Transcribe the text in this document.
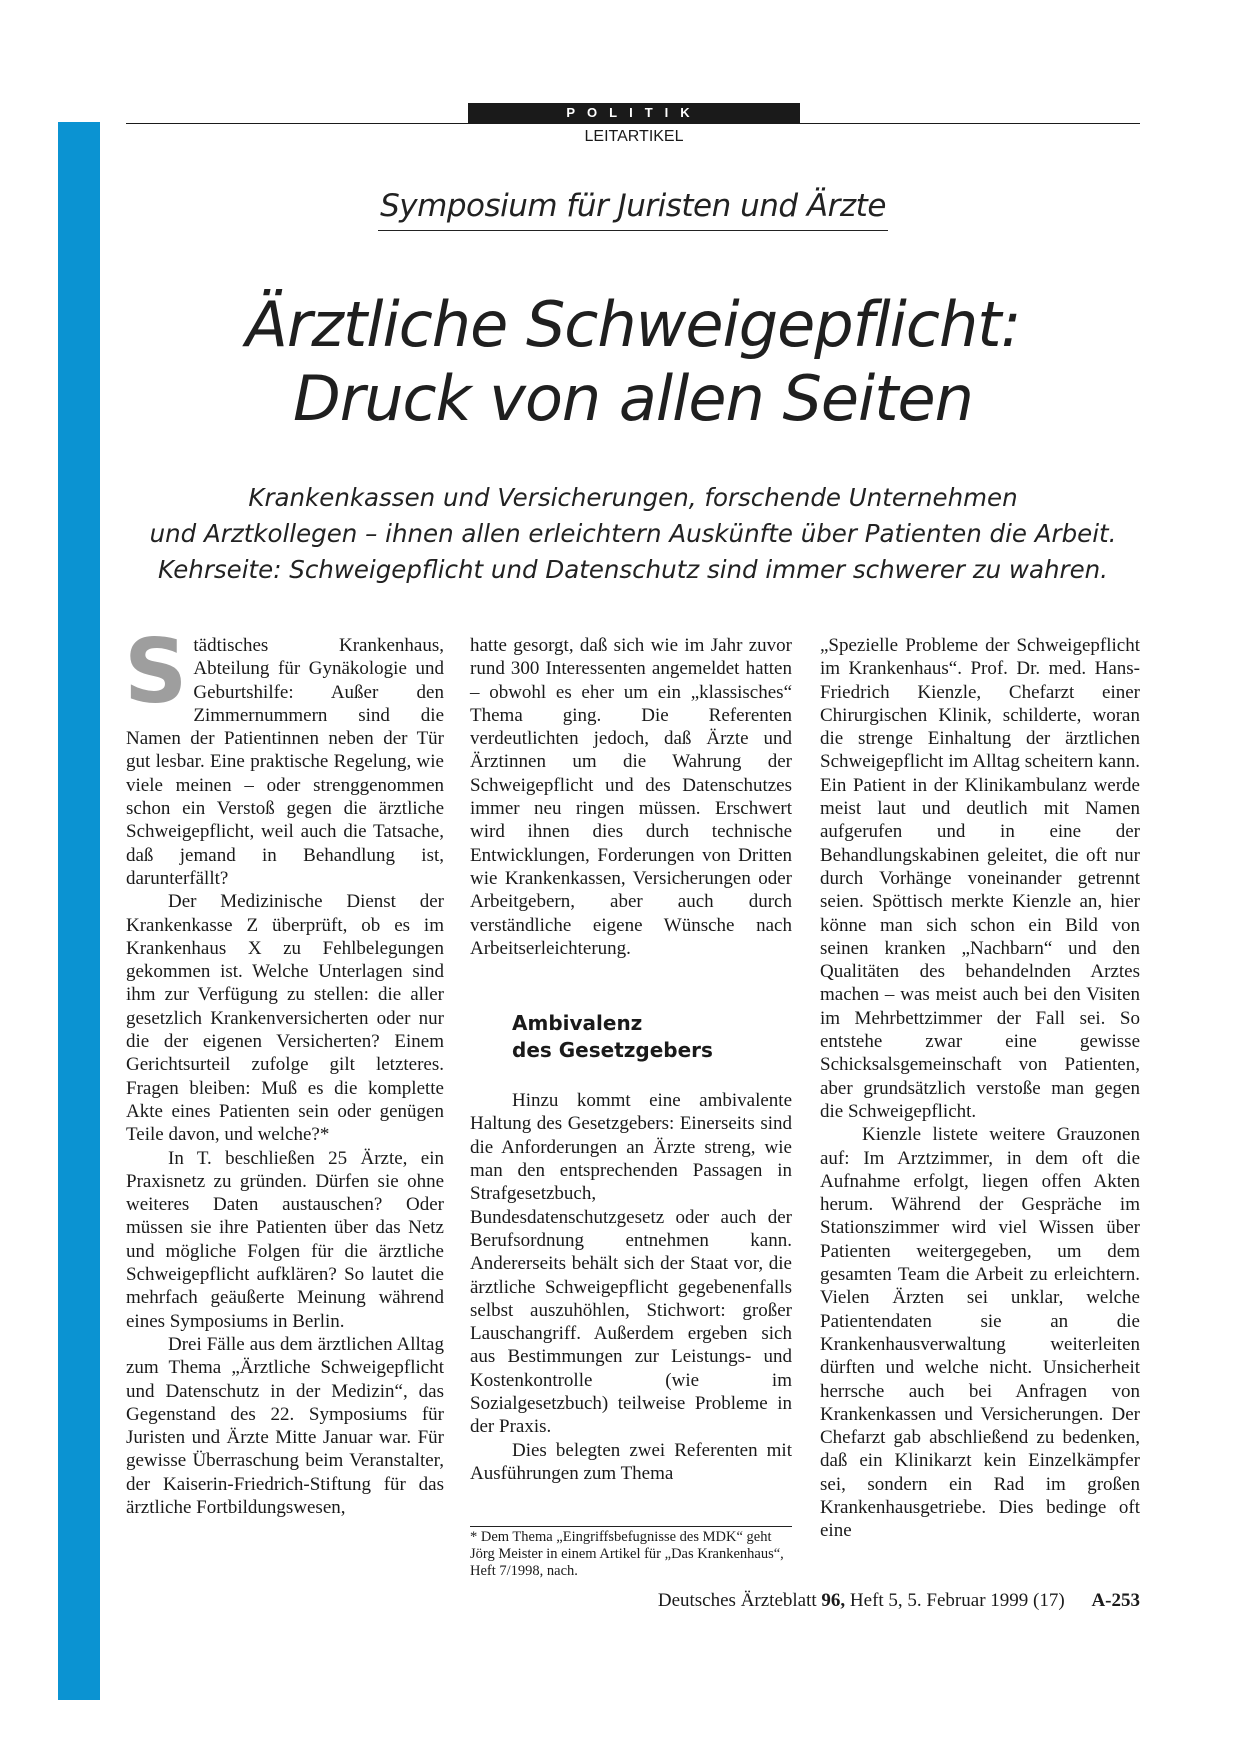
POLITIK
LEITARTIKEL
Symposium für Juristen und Ärzte
Ärztliche Schweigepflicht:
Druck von allen Seiten
Krankenkassen und Versicherungen, forschende Unternehmen
und Arztkollegen – ihnen allen erleichtern Auskünfte über Patienten die Arbeit.
Kehrseite: Schweigepflicht und Datenschutz sind immer schwerer zu wahren.
S tädtisches Krankenhaus, Abteilung für Gynäkologie und Geburtshilfe: Außer den Zimmernummern sind die Namen der Patientinnen neben der Tür gut lesbar. Eine praktische Regelung, wie viele meinen – oder strenggenommen schon ein Verstoß gegen die ärztliche Schweigepflicht, weil auch die Tatsache, daß jemand in Behandlung ist, darunterfällt?

Der Medizinische Dienst der Krankenkasse Z überprüft, ob es im Krankenhaus X zu Fehlbelegungen gekommen ist. Welche Unterlagen sind ihm zur Verfügung zu stellen: die aller gesetzlich Krankenversicherten oder nur die der eigenen Versicherten? Einem Gerichtsurteil zufolge gilt letzteres. Fragen bleiben: Muß es die komplette Akte eines Patienten sein oder genügen Teile davon, und welche?*

In T. beschließen 25 Ärzte, ein Praxisnetz zu gründen. Dürfen sie ohne weiteres Daten austauschen? Oder müssen sie ihre Patienten über das Netz und mögliche Folgen für die ärztliche Schweigepflicht aufklären? So lautet die mehrfach geäußerte Meinung während eines Symposiums in Berlin.

Drei Fälle aus dem ärztlichen Alltag zum Thema „Ärztliche Schweigepflicht und Datenschutz in der Medizin“, das Gegenstand des 22. Symposiums für Juristen und Ärzte Mitte Januar war. Für gewisse Überraschung beim Veranstalter, der Kaiserin-Friedrich-Stiftung für das ärztliche Fortbildungswesen,

hatte gesorgt, daß sich wie im Jahr zuvor rund 300 Interessenten angemeldet hatten – obwohl es eher um ein „klassisches“ Thema ging. Die Referenten verdeutlichten jedoch, daß Ärzte und Ärztinnen um die Wahrung der Schweigepflicht und des Datenschutzes immer neu ringen müssen. Erschwert wird ihnen dies durch technische Entwicklungen, Forderungen von Dritten wie Krankenkassen, Versicherungen oder Arbeitgebern, aber auch durch verständliche eigene Wünsche nach Arbeitserleichterung.

Ambivalenz
des Gesetzgebers

Hinzu kommt eine ambivalente Haltung des Gesetzgebers: Einerseits sind die Anforderungen an Ärzte streng, wie man den entsprechenden Passagen in Strafgesetzbuch, Bundesdatenschutzgesetz oder auch der Berufsordnung entnehmen kann. Andererseits behält sich der Staat vor, die ärztliche Schweigepflicht gegebenenfalls selbst auszuhöhlen, Stichwort: großer Lauschangriff. Außerdem ergeben sich aus Bestimmungen zur Leistungs- und Kostenkontrolle (wie im Sozialgesetzbuch) teilweise Probleme in der Praxis.

Dies belegten zwei Referenten mit Ausführungen zum Thema

* Dem Thema „Eingriffsbefugnisse des MDK“ geht Jörg Meister in einem Artikel für „Das Krankenhaus“, Heft 7/1998, nach.

„Spezielle Probleme der Schweigepflicht im Krankenhaus“. Prof. Dr. med. Hans-Friedrich Kienzle, Chefarzt einer Chirurgischen Klinik, schilderte, woran die strenge Einhaltung der ärztlichen Schweigepflicht im Alltag scheitern kann. Ein Patient in der Klinikambulanz werde meist laut und deutlich mit Namen aufgerufen und in eine der Behandlungskabinen geleitet, die oft nur durch Vorhänge voneinander getrennt seien. Spöttisch merkte Kienzle an, hier könne man sich schon ein Bild von seinen kranken „Nachbarn“ und den Qualitäten des behandelnden Arztes machen – was meist auch bei den Visiten im Mehrbettzimmer der Fall sei. So entstehe zwar eine gewisse Schicksalsgemeinschaft von Patienten, aber grundsätzlich verstoße man gegen die Schweigepflicht.

Kienzle listete weitere Grauzonen auf: Im Arztzimmer, in dem oft die Aufnahme erfolgt, liegen offen Akten herum. Während der Gespräche im Stationszimmer wird viel Wissen über Patienten weitergegeben, um dem gesamten Team die Arbeit zu erleichtern. Vielen Ärzten sei unklar, welche Patientendaten sie an die Krankenhausverwaltung weiterleiten dürften und welche nicht. Unsicherheit herrsche auch bei Anfragen von Krankenkassen und Versicherungen. Der Chefarzt gab abschließend zu bedenken, daß ein Klinikarzt kein Einzelkämpfer sei, sondern ein Rad im großen Krankenhausgetriebe. Dies bedinge oft eine

Deutsches Ärzteblatt 96, Heft 5, 5. Februar 1999 (17) A-253
